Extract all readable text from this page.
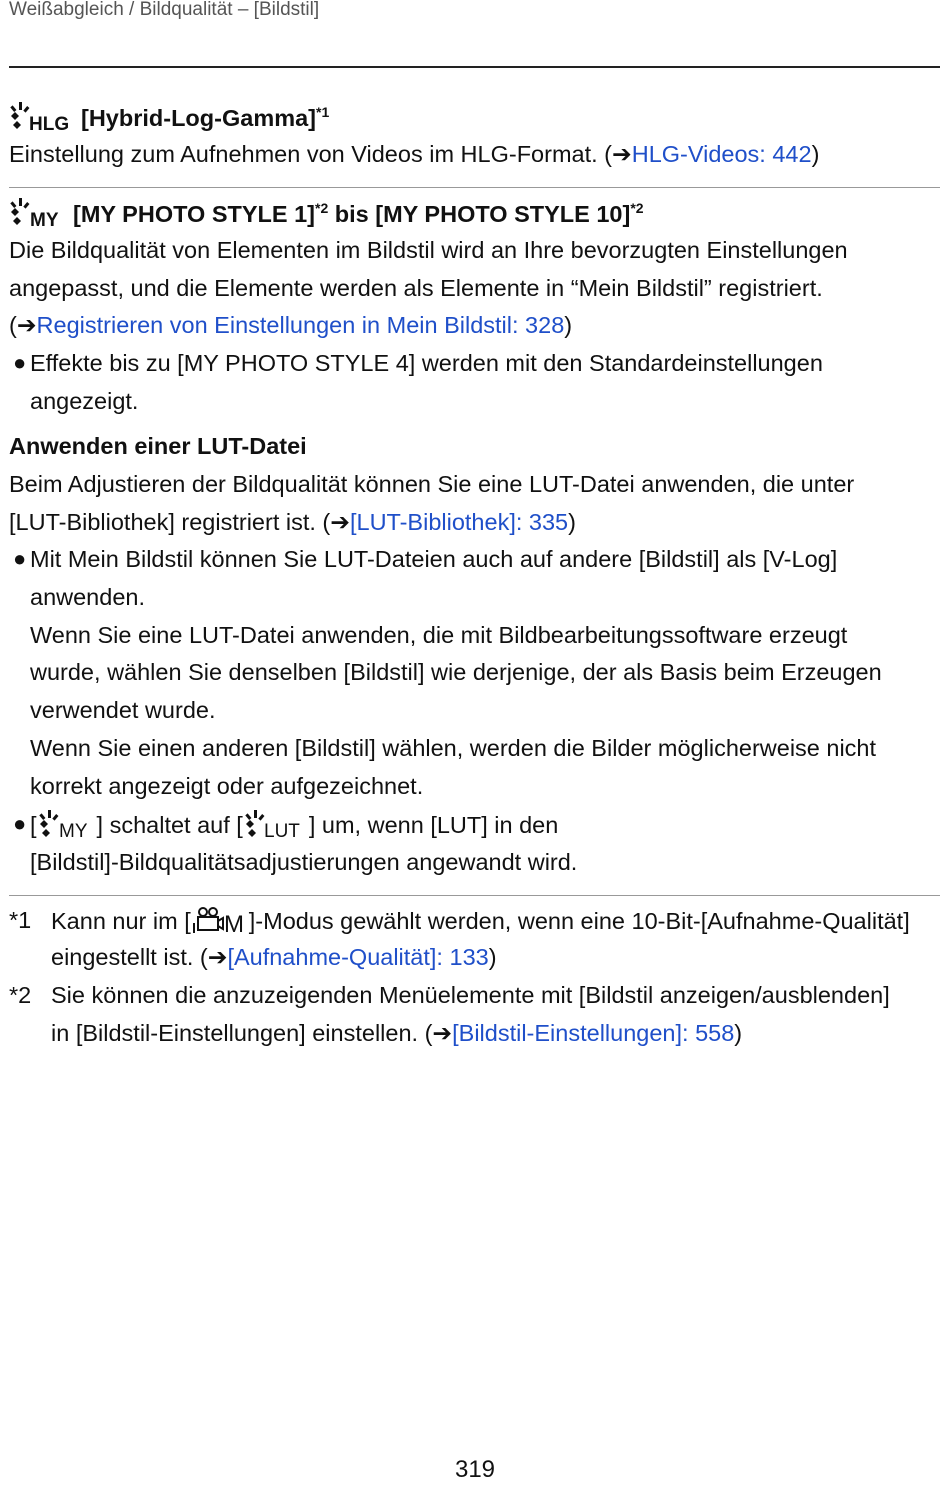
Weißabgleich / Bildqualität – [Bildstil]
HLG [Hybrid-Log-Gamma]$^{*1}$
Einstellung zum Aufnehmen von Videos im HLG-Format. (➔HLG-Videos: 442)
MY [MY PHOTO STYLE 1]$^{*2}$ bis [MY PHOTO STYLE 10]$^{*2}$
Die Bildqualität von Elementen im Bildstil wird an Ihre bevorzugten Einstellungen
angepasst, und die Elemente werden als Elemente in “Mein Bildstil” registriert.
(➔Registrieren von Einstellungen in Mein Bildstil: 328)
● Effekte bis zu [MY PHOTO STYLE 4] werden mit den Standardeinstellungen
angezeigt.
Anwenden einer LUT-Datei
Beim Adjustieren der Bildqualität können Sie eine LUT-Datei anwenden, die unter
[LUT-Bibliothek] registriert ist. (➔[LUT-Bibliothek]: 335)
● Mit Mein Bildstil können Sie LUT-Dateien auch auf andere [Bildstil] als [V-Log]
anwenden.
Wenn Sie eine LUT-Datei anwenden, die mit Bildbearbeitungssoftware erzeugt
wurde, wählen Sie denselben [Bildstil] wie derjenige, der als Basis beim Erzeugen
verwendet wurde.
Wenn Sie einen anderen [Bildstil] wählen, werden die Bilder möglicherweise nicht
korrekt angezeigt oder aufgezeichnet.
● [ MY ] schaltet auf [ LUT ] um, wenn [LUT] in den
[Bildstil]-Bildqualitätsadjustierungen angewandt wird.
*1 Kann nur im [ M ]-Modus gewählt werden, wenn eine 10-Bit-[Aufnahme-Qualität]
eingestellt ist. (➔[Aufnahme-Qualität]: 133)
*2 Sie können die anzuzeigenden Menüelemente mit [Bildstil anzeigen/ausblenden]
in [Bildstil-Einstellungen] einstellen. (➔[Bildstil-Einstellungen]: 558)
319
